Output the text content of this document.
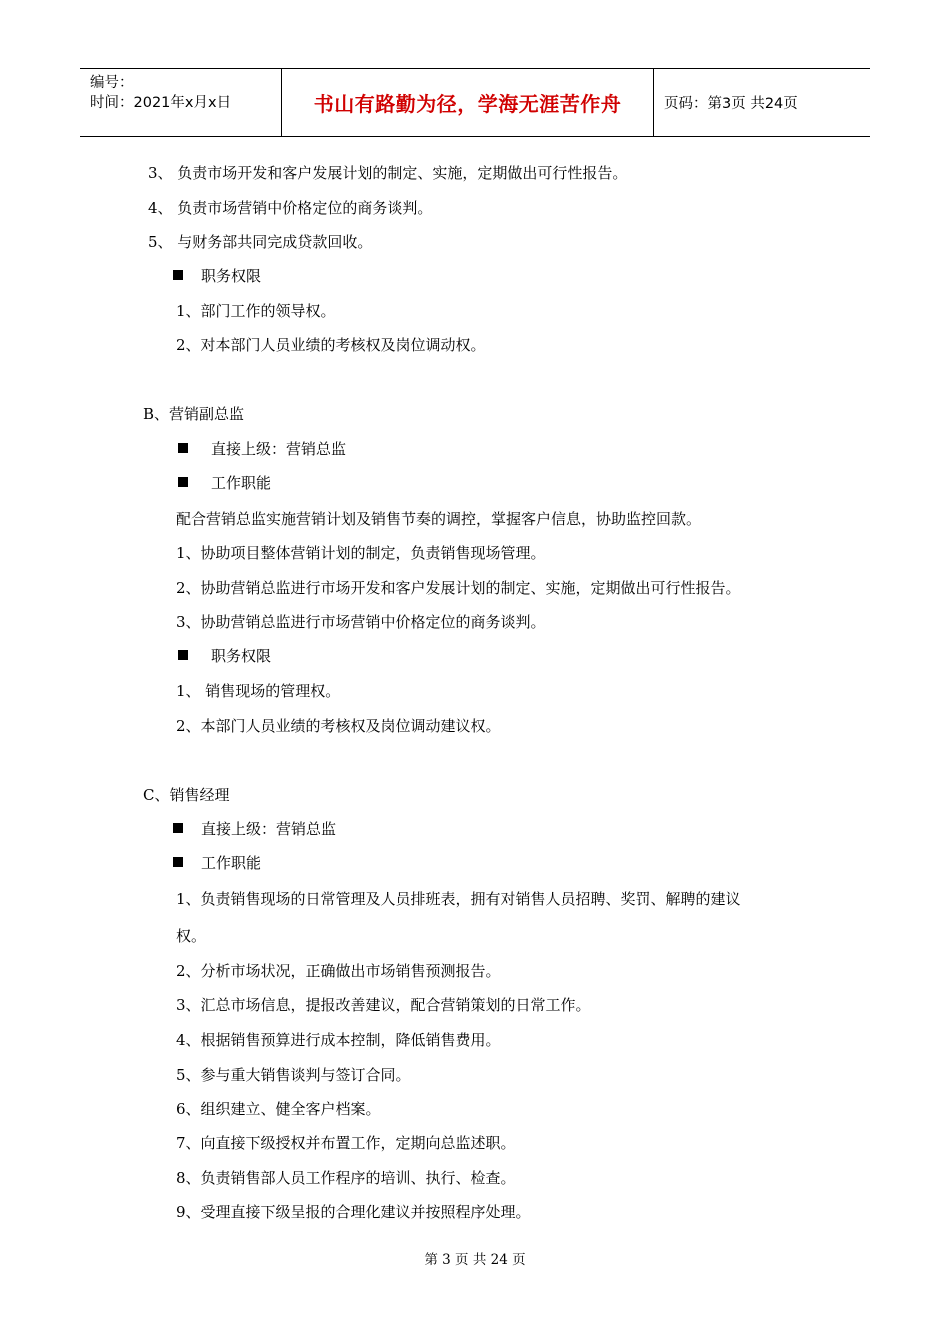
编号：
时间：2021年x月x日	书山有路勤为径，学海无涯苦作舟	页码：第3页 共24页
3、 负责市场开发和客户发展计划的制定、实施，定期做出可行性报告。
4、 负责市场营销中价格定位的商务谈判。
5、 与财务部共同完成贷款回收。
职务权限
1、部门工作的领导权。
2、对本部门人员业绩的考核权及岗位调动权。
B、营销副总监
直接上级：营销总监
工作职能
配合营销总监实施营销计划及销售节奏的调控，掌握客户信息，协助监控回款。
1、协助项目整体营销计划的制定，负责销售现场管理。
2、协助营销总监进行市场开发和客户发展计划的制定、实施，定期做出可行性报告。
3、协助营销总监进行市场营销中价格定位的商务谈判。
职务权限
1、 销售现场的管理权。
2、本部门人员业绩的考核权及岗位调动建议权。
C、销售经理
直接上级：营销总监
工作职能
1、负责销售现场的日常管理及人员排班表，拥有对销售人员招聘、奖罚、解聘的建议
权。
2、分析市场状况，正确做出市场销售预测报告。
3、汇总市场信息，提报改善建议，配合营销策划的日常工作。
4、根据销售预算进行成本控制，降低销售费用。
5、参与重大销售谈判与签订合同。
6、组织建立、健全客户档案。
7、向直接下级授权并布置工作，定期向总监述职。
8、负责销售部人员工作程序的培训、执行、检查。
9、受理直接下级呈报的合理化建议并按照程序处理。
第 3 页 共 24 页
